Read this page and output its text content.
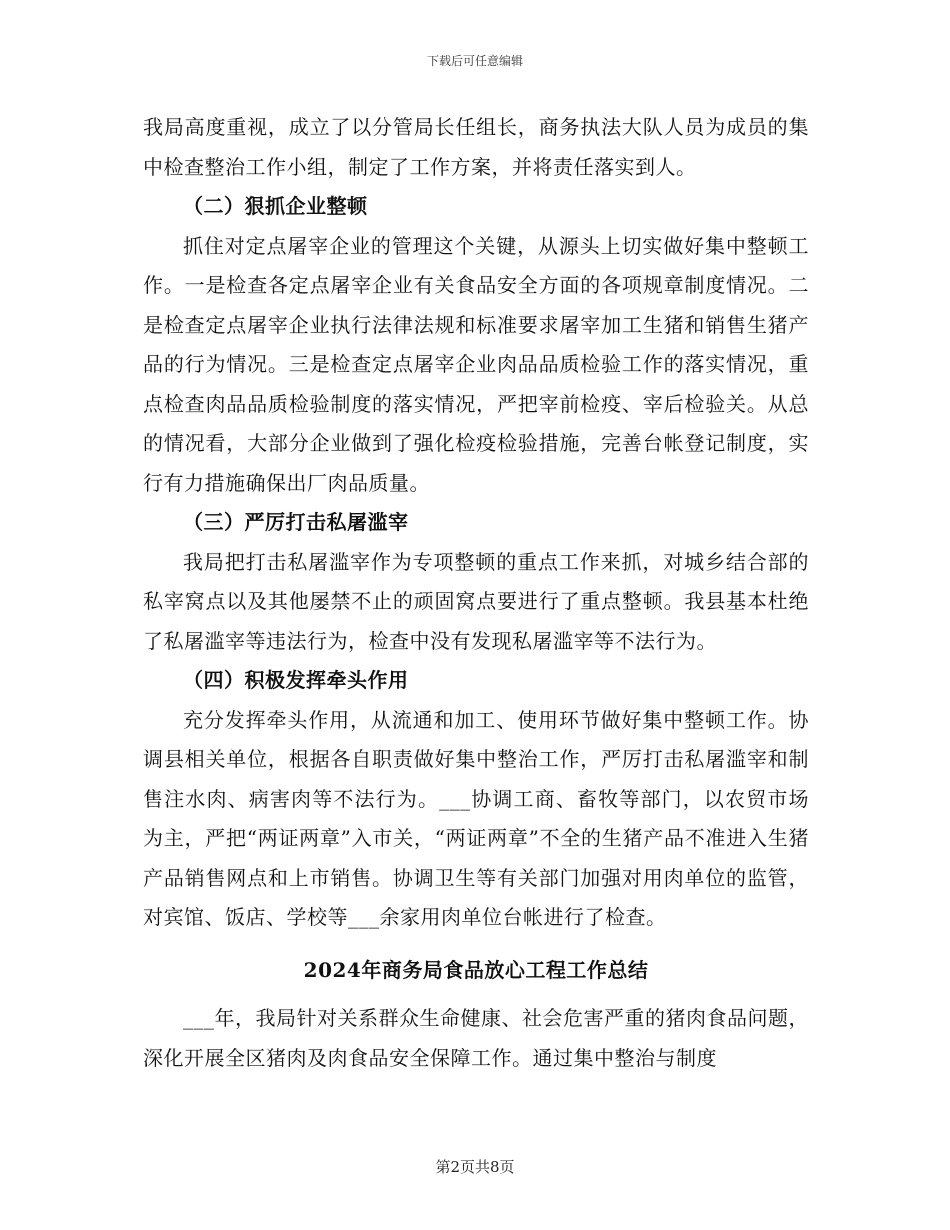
下载后可任意编辑

我局高度重视，成立了以分管局长任组长，商务执法大队人员为成员的集中检查整治工作小组，制定了工作方案，并将责任落实到人。

（二）狠抓企业整顿

抓住对定点屠宰企业的管理这个关键，从源头上切实做好集中整顿工作。一是检查各定点屠宰企业有关食品安全方面的各项规章制度情况。二是检查定点屠宰企业执行法律法规和标准要求屠宰加工生猪和销售生猪产品的行为情况。三是检查定点屠宰企业肉品品质检验工作的落实情况，重点检查肉品品质检验制度的落实情况，严把宰前检疫、宰后检验关。从总的情况看，大部分企业做到了强化检疫检验措施，完善台帐登记制度，实行有力措施确保出厂肉品质量。

（三）严厉打击私屠滥宰

我局把打击私屠滥宰作为专项整顿的重点工作来抓，对城乡结合部的私宰窝点以及其他屡禁不止的顽固窝点要进行了重点整顿。我县基本杜绝了私屠滥宰等违法行为，检查中没有发现私屠滥宰等不法行为。

（四）积极发挥牵头作用

充分发挥牵头作用，从流通和加工、使用环节做好集中整顿工作。协调县相关单位，根据各自职责做好集中整治工作，严厉打击私屠滥宰和制售注水肉、病害肉等不法行为。___协调工商、畜牧等部门，以农贸市场为主，严把“两证两章”入市关，“两证两章”不全的生猪产品不准进入生猪产品销售网点和上市销售。协调卫生等有关部门加强对用肉单位的监管，对宾馆、饭店、学校等___余家用肉单位台帐进行了检查。

2024年商务局食品放心工程工作总结

___年，我局针对关系群众生命健康、社会危害严重的猪肉食品问题，深化开展全区猪肉及肉食品安全保障工作。通过集中整治与制度

第2页共8页
